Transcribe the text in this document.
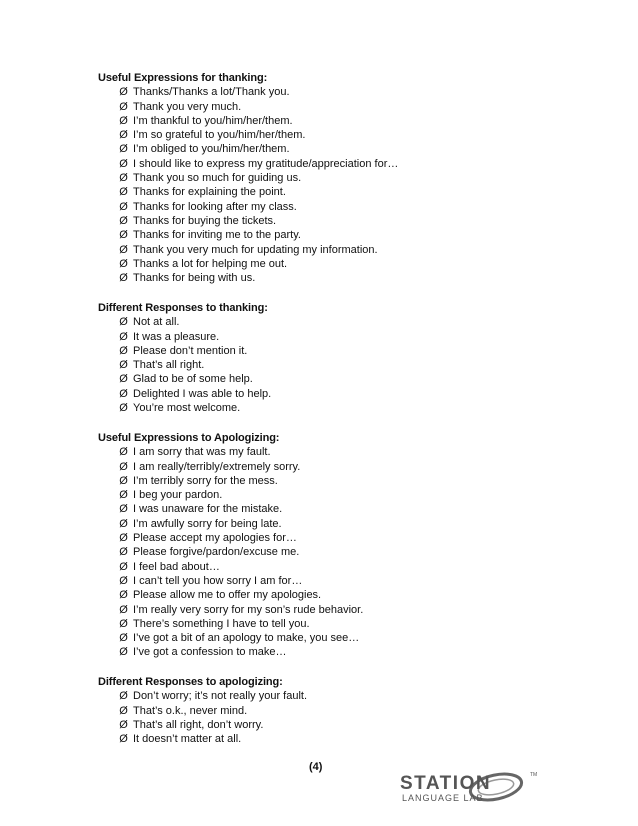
Useful Expressions for thanking:
Ø Thanks/Thanks a lot/Thank you.
Ø Thank you very much.
Ø I’m thankful to you/him/her/them.
Ø I’m so grateful to you/him/her/them.
Ø I’m obliged to you/him/her/them.
Ø I should like to express my gratitude/appreciation for…
Ø Thank you so much for guiding us.
Ø Thanks for explaining the point.
Ø Thanks for looking after my class.
Ø Thanks for buying the tickets.
Ø Thanks for inviting me to the party.
Ø Thank you very much for updating my information.
Ø Thanks a lot for helping me out.
Ø Thanks for being with us.
Different Responses to thanking:
Ø Not at all.
Ø It was a pleasure.
Ø Please don’t mention it.
Ø That’s all right.
Ø Glad to be of some help.
Ø Delighted I was able to help.
Ø You’re most welcome.
Useful Expressions to Apologizing:
Ø I am sorry that was my fault.
Ø I am really/terribly/extremely sorry.
Ø I’m terribly sorry for the mess.
Ø I beg your pardon.
Ø I was unaware for the mistake.
Ø I’m awfully sorry for being late.
Ø Please accept my apologies for…
Ø Please forgive/pardon/excuse me.
Ø I feel bad about…
Ø I can’t tell you how sorry I am for…
Ø Please allow me to offer my apologies.
Ø I’m really very sorry for my son’s rude behavior.
Ø There’s something I have to tell you.
Ø I’ve got a bit of an apology to make, you see…
Ø I’ve got a confession to make…
Different Responses to apologizing:
Ø Don’t worry; it’s not really your fault.
Ø That’s o.k., never mind.
Ø That’s all right, don’t worry.
Ø It doesn’t matter at all.
(4)
STATION
LANGUAGE LAB
TM
